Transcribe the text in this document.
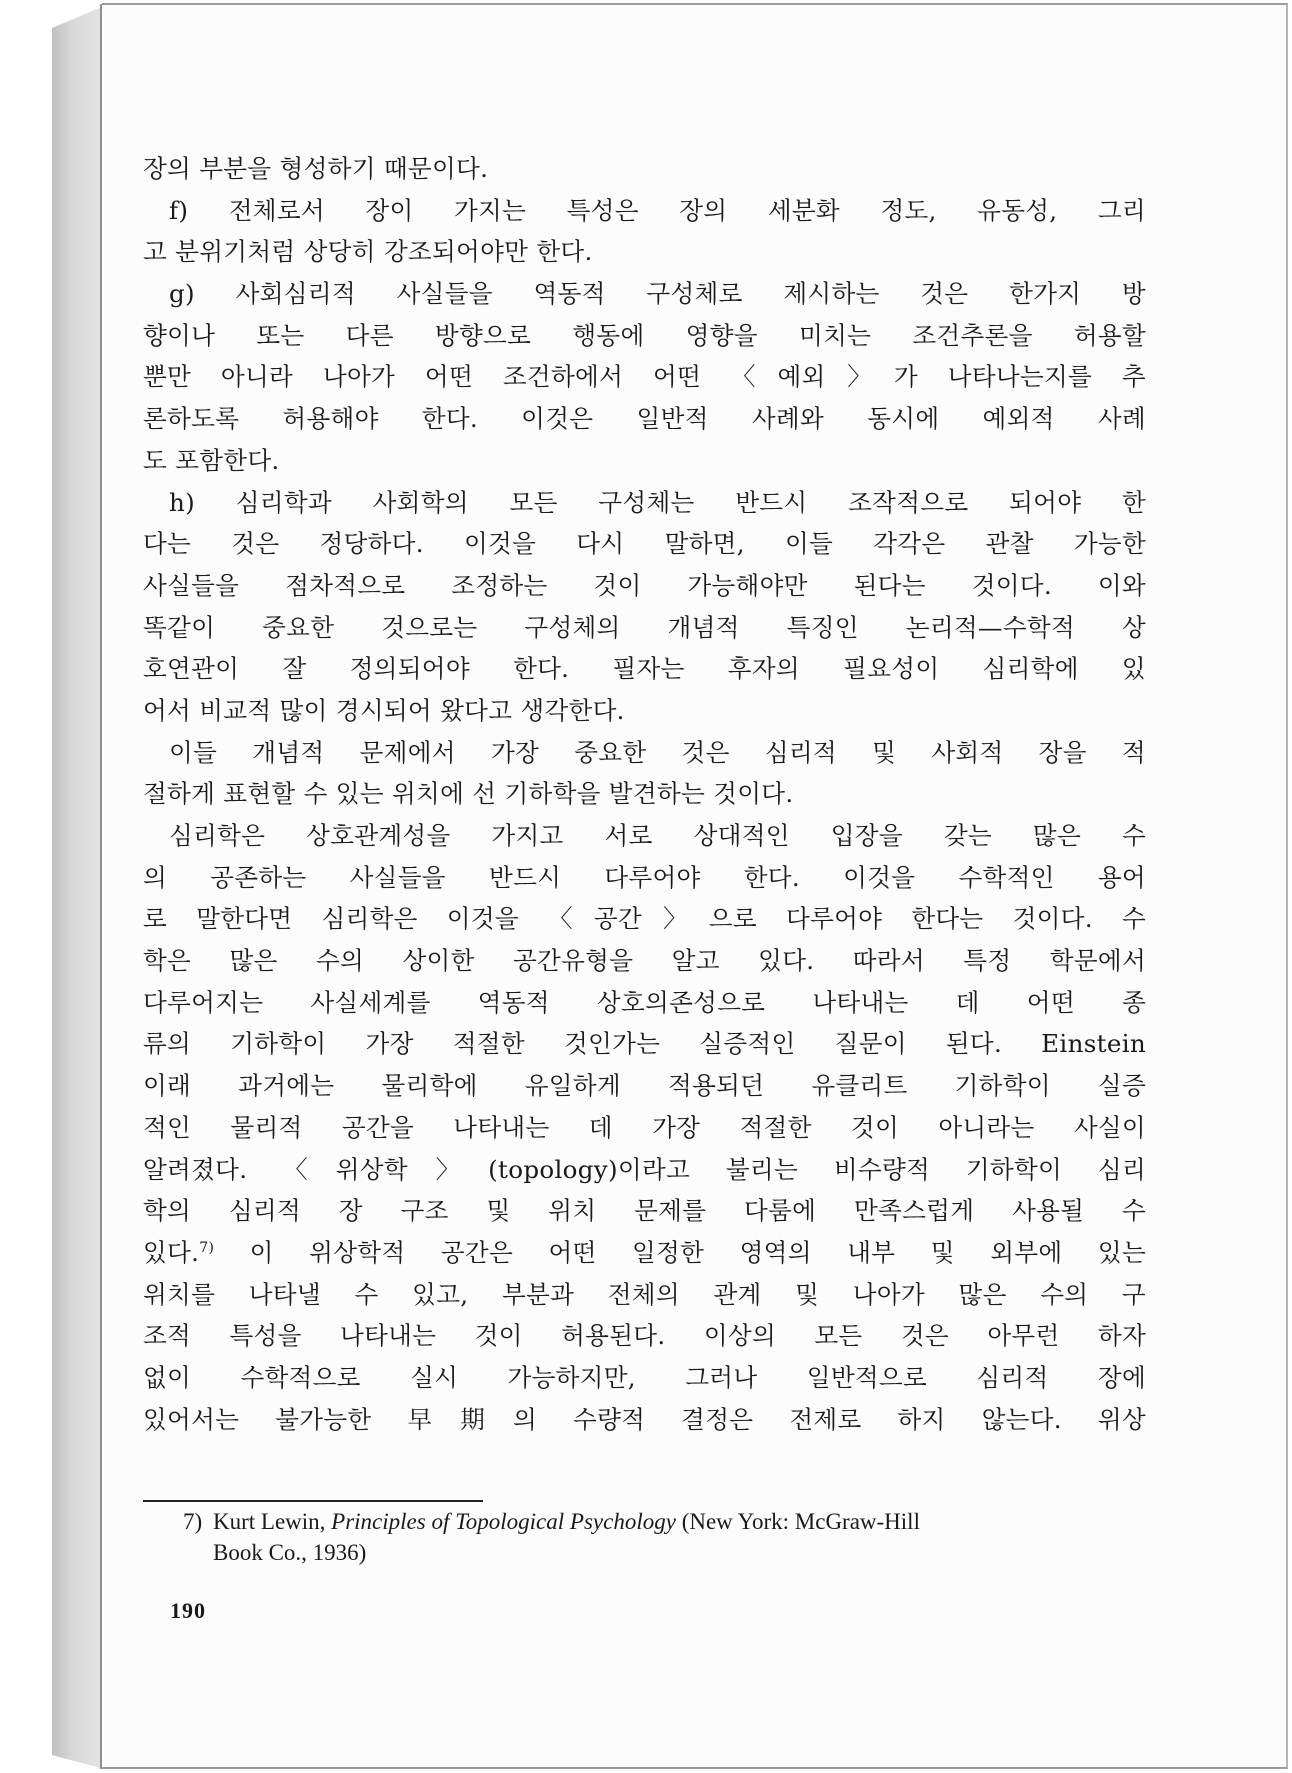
장의 부분을 형성하기 때문이다.
f) 전체로서 장이 가지는 특성은 장의 세분화 정도, 유동성, 그리
고 분위기처럼 상당히 강조되어야만 한다.
g) 사회심리적 사실들을 역동적 구성체로 제시하는 것은 한가지 방
향이나 또는 다른 방향으로 행동에 영향을 미치는 조건추론을 허용할
뿐만 아니라 나아가 어떤 조건하에서 어떤 〈예외〉가 나타나는지를 추
론하도록 허용해야 한다. 이것은 일반적 사례와 동시에 예외적 사례
도 포함한다.
h) 심리학과 사회학의 모든 구성체는 반드시 조작적으로 되어야 한
다는 것은 정당하다. 이것을 다시 말하면, 이들 각각은 관찰 가능한
사실들을 점차적으로 조정하는 것이 가능해야만 된다는 것이다. 이와
똑같이 중요한 것으로는 구성체의 개념적 특징인 논리적—수학적 상
호연관이 잘 정의되어야 한다. 필자는 후자의 필요성이 심리학에 있
어서 비교적 많이 경시되어 왔다고 생각한다.
이들 개념적 문제에서 가장 중요한 것은 심리적 및 사회적 장을 적
절하게 표현할 수 있는 위치에 선 기하학을 발견하는 것이다.
심리학은 상호관계성을 가지고 서로 상대적인 입장을 갖는 많은 수
의 공존하는 사실들을 반드시 다루어야 한다. 이것을 수학적인 용어
로 말한다면 심리학은 이것을 〈공간〉으로 다루어야 한다는 것이다. 수
학은 많은 수의 상이한 공간유형을 알고 있다. 따라서 특정 학문에서
다루어지는 사실세계를 역동적 상호의존성으로 나타내는 데 어떤 종
류의 기하학이 가장 적절한 것인가는 실증적인 질문이 된다. Einstein
이래 과거에는 물리학에 유일하게 적용되던 유클리트 기하학이 실증
적인 물리적 공간을 나타내는 데 가장 적절한 것이 아니라는 사실이
알려졌다. 〈위상학〉(topology)이라고 불리는 비수량적 기하학이 심리
학의 심리적 장 구조 및 위치 문제를 다룸에 만족스럽게 사용될 수
있다.$^{7)}$ 이 위상학적 공간은 어떤 일정한 영역의 내부 및 외부에 있는
위치를 나타낼 수 있고, 부분과 전체의 관계 및 나아가 많은 수의 구
조적 특성을 나타내는 것이 허용된다. 이상의 모든 것은 아무런 하자
없이 수학적으로 실시 가능하지만, 그러나 일반적으로 심리적 장에
있어서는 불가능한 早期의 수량적 결정은 전제로 하지 않는다. 위상
7) Kurt Lewin, Principles of Topological Psychology (New York: McGraw-Hill
Book Co., 1936)
190
